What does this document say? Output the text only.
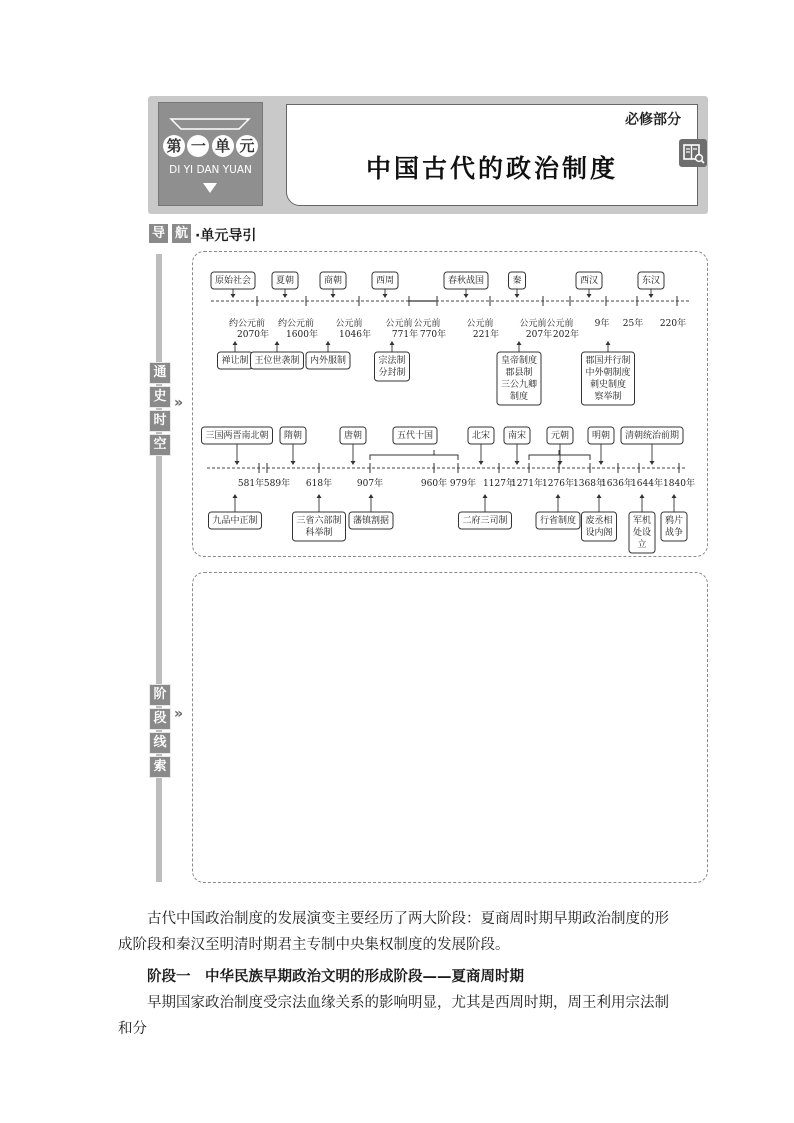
第 一 单 元
DI YI DAN YUAN
必修部分
中国古代的政治制度
导 航 ·单元导引
通
史
时
空
»
阶
段
线
索
»
原始社会	夏朝	商朝	西周	春秋战国	秦	西汉	东汉
约公元前
2070年
约公元前
1600年
公元前
1046年
公元前
771年
公元前
770年
公元前
221年
公元前
207年
公元前
202年
9年 25年 220年
禅让制 王位世袭制 内外服制	宗法制
分封制
皇帝制度
郡县制
三公九卿
制度
郡国并行制
中外朝制度
刺史制度
察举制
三国两晋南北朝 隋朝	唐朝	五代十国	北宋 南宋	元朝	明朝 清朝统治前期
581年 589年 618年	907年	960年 979年 1127年
1271年 1276年 1368年
1636年
1644年 1840年
九品中正制	三省六部制
科举制
藩镇割据	二府三司制	行省制度 废丞相
设内阁
军机
处设
立
鸦片
战争
古代中国政治制度的发展演变主要经历了两大阶段：夏商周时期早期政治制度的形成阶段和秦汉至明清时期君主专制中央集权制度的发展阶段。
阶段一　中华民族早期政治文明的形成阶段——夏商周时期
早期国家政治制度受宗法血缘关系的影响明显，尤其是西周时期，周王利用宗法制和分
